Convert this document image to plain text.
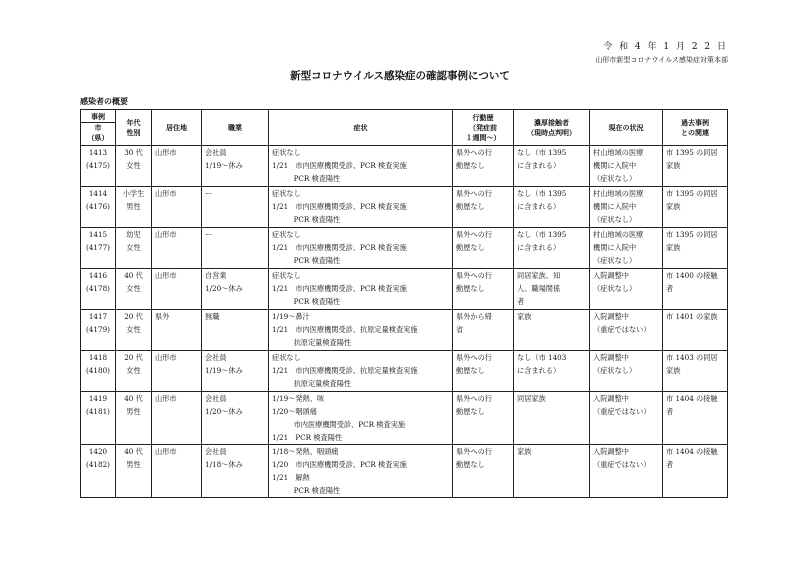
令 和 4 年 1 月 2 2 日
山形市新型コロナウイルス感染症対策本部
新型コロナウイルス感染症の確認事例について
感染者の概要
事例
市
（県）	年代
性別	居住地	職業	症状	行動歴
（発症前
１週間～）	濃厚接触者
（現時点判明）	現在の状況	過去事例
との関連

1413
(4175)	30 代
女性	山形市	会社員
1/19～休み	症状なし
1/21　市内医療機関受診、PCR 検査実施
　　　PCR 検査陽性	県外への行
動歴なし	なし（市 1395
に含まれる）	村山地域の医療
機関に入院中
（症状なし）	市 1395 の同居
家族

1414
(4176)	小学生
男性	山形市	ー	症状なし
1/21　市内医療機関受診、PCR 検査実施
　　　PCR 検査陽性	県外への行
動歴なし	なし（市 1395
に含まれる）	村山地域の医療
機関に入院中
（症状なし）	市 1395 の同居
家族

1415
(4177)	幼児
女性	山形市	ー	症状なし
1/21　市内医療機関受診、PCR 検査実施
　　　PCR 検査陽性	県外への行
動歴なし	なし（市 1395
に含まれる）	村山地域の医療
機関に入院中
（症状なし）	市 1395 の同居
家族

1416
(4178)	40 代
女性	山形市	自営業
1/20～休み	症状なし
1/21　市内医療機関受診、PCR 検査実施
　　　PCR 検査陽性	県外への行
動歴なし	同居家族、知
人、職場関係
者	入院調整中
（症状なし）	市 1400 の接触
者

1417
(4179)	20 代
女性	県外	無職	1/19～鼻汁
1/21　市内医療機関受診、抗原定量検査実施
　　　抗原定量検査陽性	県外から帰
省	家族	入院調整中
（重症ではない）	市 1401 の家族

1418
(4180)	20 代
女性	山形市	会社員
1/19～休み	症状なし
1/21　市内医療機関受診、抗原定量検査実施
　　　抗原定量検査陽性	県外への行
動歴なし	なし（市 1403
に含まれる）	入院調整中
（症状なし）	市 1403 の同居
家族

1419
(4181)	40 代
男性	山形市	会社員
1/20～休み	1/19～発熱、咳
1/20～咽頭痛
　　　市内医療機関受診、PCR 検査実施
1/21　PCR 検査陽性	県外への行
動歴なし	同居家族	入院調整中
（重症ではない）	市 1404 の接触
者

1420
(4182)	40 代
男性	山形市	会社員
1/18～休み	1/18～発熱、咽頭痛
1/20　市内医療機関受診、PCR 検査実施
1/21　解熱
　　　PCR 検査陽性	県外への行
動歴なし	家族	入院調整中
（重症ではない）	市 1404 の接触
者
